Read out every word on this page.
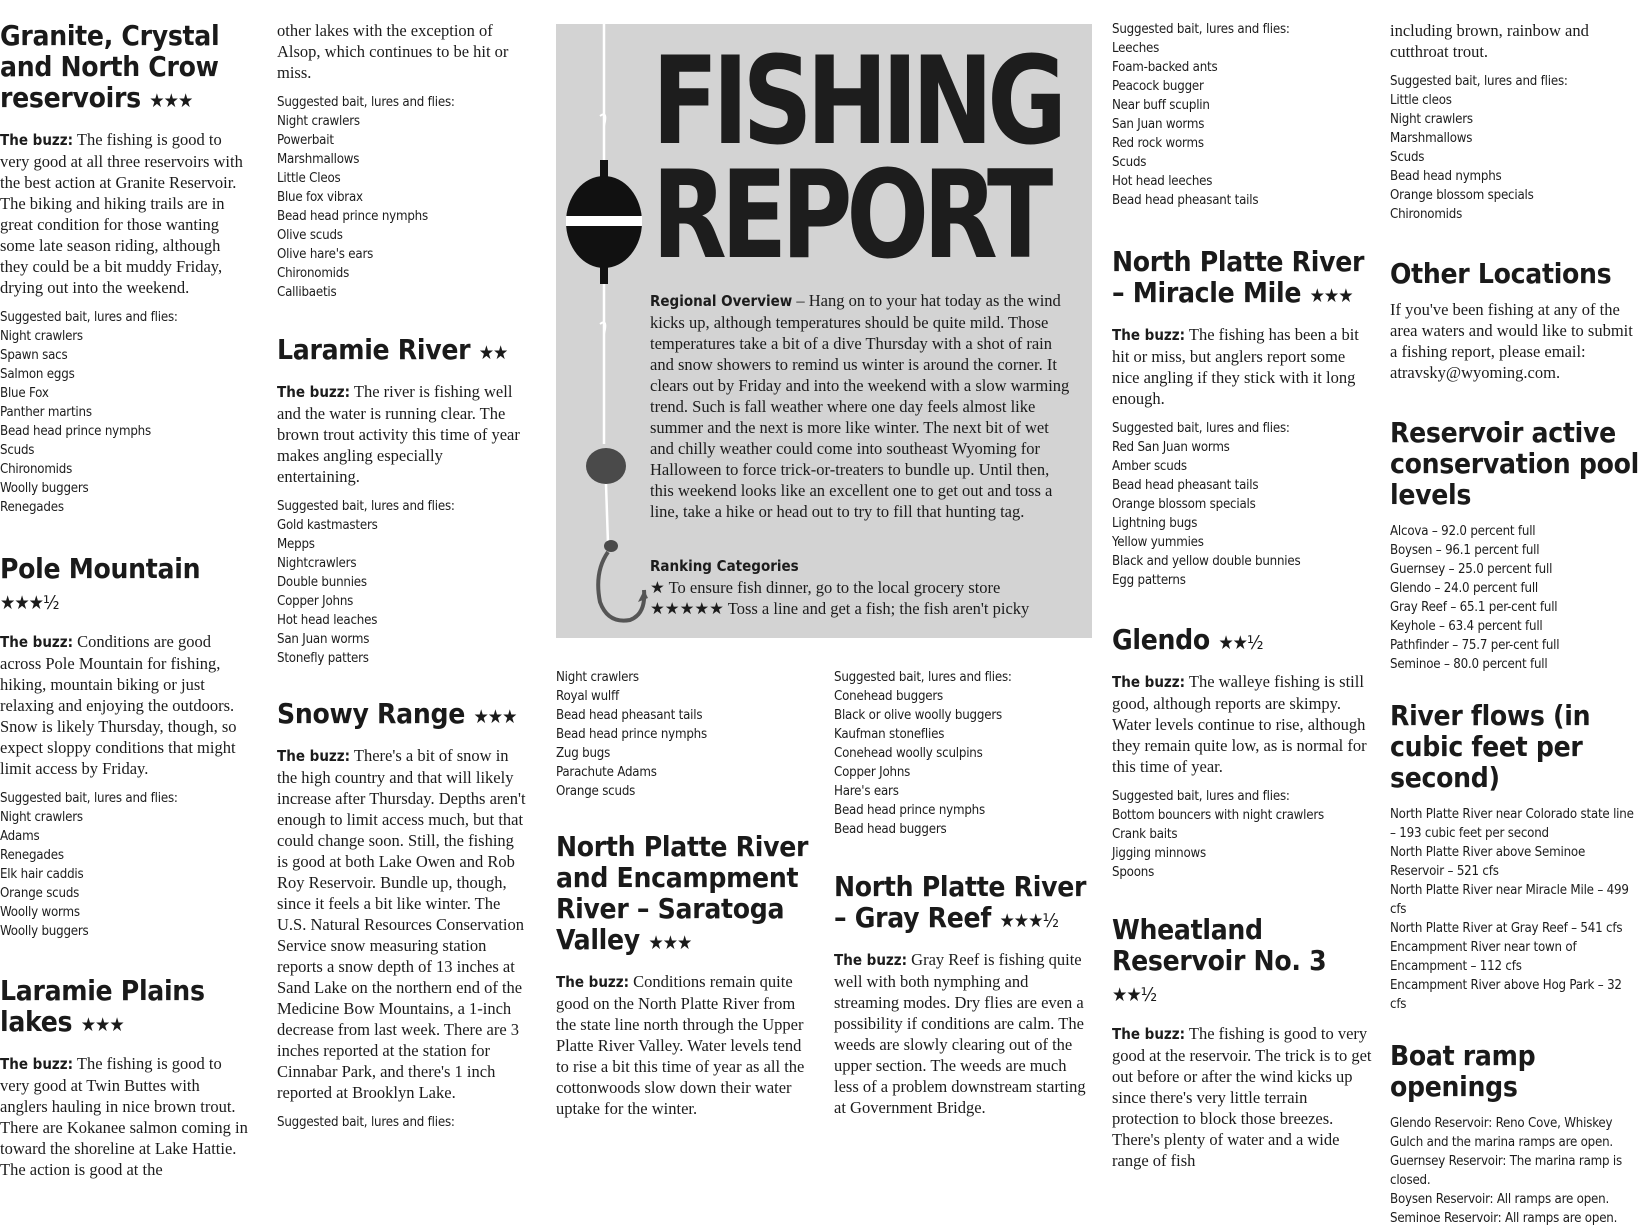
Granite, Crystal and North Crow reservoirs ★★★

The buzz: The fishing is good to very good at all three reservoirs with the best action at Granite Reservoir. The biking and hiking trails are in great condition for those wanting some late season riding, although they could be a bit muddy Friday, drying out into the weekend.

Suggested bait, lures and flies:
Night crawlers
Spawn sacs
Salmon eggs
Blue Fox
Panther martins
Bead head prince nymphs
Scuds
Chironomids
Woolly buggers
Renegades
Pole Mountain ★★★½

The buzz: Conditions are good across Pole Mountain for fishing, hiking, mountain biking or just relaxing and enjoying the outdoors. Snow is likely Thursday, though, so expect sloppy conditions that might limit access by Friday.

Suggested bait, lures and flies:
Night crawlers
Adams
Renegades
Elk hair caddis
Orange scuds
Woolly worms
Woolly buggers
Laramie Plains lakes ★★★

The buzz: The fishing is good to very good at Twin Buttes with anglers hauling in nice brown trout. There are Kokanee salmon coming in toward the shoreline at Lake Hattie. The action is good at the

other lakes with the exception of Alsop, which continues to be hit or miss.

Suggested bait, lures and flies:
Night crawlers
Powerbait
Marshmallows
Little Cleos
Blue fox vibrax
Bead head prince nymphs
Olive scuds
Olive hare's ears
Chironomids
Callibaetis
Laramie River ★★

The buzz: The river is fishing well and the water is running clear. The brown trout activity this time of year makes angling especially entertaining.

Suggested bait, lures and flies:
Gold kastmasters
Mepps
Nightcrawlers
Double bunnies
Copper Johns
Hot head leaches
San Juan worms
Stonefly patters
Snowy Range ★★★

The buzz: There's a bit of snow in the high country and that will likely increase after Thursday. Depths aren't enough to limit access much, but that could change soon. Still, the fishing is good at both Lake Owen and Rob Roy Reservoir. Bundle up, though, since it feels a bit like winter. The U.S. Natural Resources Conservation Service snow measuring station reports a snow depth of 13 inches at Sand Lake on the northern end of the Medicine Bow Mountains, a 1-inch decrease from last week. There are 3 inches reported at the station for Cinnabar Park, and there's 1 inch reported at Brooklyn Lake.

Suggested bait, lures and flies:
FISHING
REPORT

Regional Overview – Hang on to your hat today as the wind kicks up, although temperatures should be quite mild. Those temperatures take a bit of a dive Thursday with a shot of rain and snow showers to remind us winter is around the corner. It clears out by Friday and into the weekend with a slow warming trend. Such is fall weather where one day feels almost like summer and the next is more like winter. The next bit of wet and chilly weather could come into southeast Wyoming for Halloween to force trick-or-treaters to bundle up. Until then, this weekend looks like an excellent one to get out and toss a line, take a hike or head out to try to fill that hunting tag.

Ranking Categories
★ To ensure fish dinner, go to the local grocery store
★★★★★ Toss a line and get a fish; the fish aren't picky
Night crawlers
Royal wulff
Bead head pheasant tails
Bead head prince nymphs
Zug bugs
Parachute Adams
Orange scuds
North Platte River and Encampment River – Saratoga Valley ★★★

The buzz: Conditions remain quite good on the North Platte River from the state line north through the Upper Platte River Valley. Water levels tend to rise a bit this time of year as all the cottonwoods slow down their water uptake for the winter.

Suggested bait, lures and flies:
Conehead buggers
Black or olive woolly buggers
Kaufman stoneflies
Conehead woolly sculpins
Copper Johns
Hare's ears
Bead head prince nymphs
Bead head buggers
North Platte River – Gray Reef ★★★½

The buzz: Gray Reef is fishing quite well with both nymphing and streaming modes. Dry flies are even a possibility if conditions are calm. The weeds are slowly clearing out of the upper section. The weeds are much less of a problem downstream starting at Government Bridge.

Suggested bait, lures and flies:
Leeches
Foam-backed ants
Peacock bugger
Near buff scuplin
San Juan worms
Red rock worms
Scuds
Hot head leeches
Bead head pheasant tails
North Platte River – Miracle Mile ★★★

The buzz: The fishing has been a bit hit or miss, but anglers report some nice angling if they stick with it long enough.

Suggested bait, lures and flies:
Red San Juan worms
Amber scuds
Bead head pheasant tails
Orange blossom specials
Lightning bugs
Yellow yummies
Black and yellow double bunnies
Egg patterns
Glendo ★★½

The buzz: The walleye fishing is still good, although reports are skimpy. Water levels continue to rise, although they remain quite low, as is normal for this time of year.

Suggested bait, lures and flies:
Bottom bouncers with night crawlers
Crank baits
Jigging minnows
Spoons
Wheatland Reservoir No. 3 ★★½

The buzz: The fishing is good to very good at the reservoir. The trick is to get out before or after the wind kicks up since there's very little terrain protection to block those breezes. There's plenty of water and a wide range of fish

including brown, rainbow and cutthroat trout.

Suggested bait, lures and flies:
Little cleos
Night crawlers
Marshmallows
Scuds
Bead head nymphs
Orange blossom specials
Chironomids
Other Locations

If you've been fishing at any of the area waters and would like to submit a fishing report, please email: atravsky@wyoming.com.

Reservoir active conservation pool levels
Alcova – 92.0 percent full
Boysen – 96.1 percent full
Guernsey – 25.0 percent full
Glendo – 24.0 percent full
Gray Reef – 65.1 per-cent full
Keyhole – 63.4 percent full
Pathfinder – 75.7 per-cent full
Seminoe – 80.0 percent full
River flows (in cubic feet per second)
North Platte River near Colorado state line – 193 cubic feet per second
North Platte River above Seminoe Reservoir – 521 cfs
North Platte River near Miracle Mile – 499 cfs
North Platte River at Gray Reef – 541 cfs
Encampment River near town of Encampment – 112 cfs
Encampment River above Hog Park – 32 cfs
Boat ramp openings
Glendo Reservoir: Reno Cove, Whiskey Gulch and the marina ramps are open.
Guernsey Reservoir: The marina ramp is closed.
Boysen Reservoir: All ramps are open.
Seminoe Reservoir: All ramps are open.
